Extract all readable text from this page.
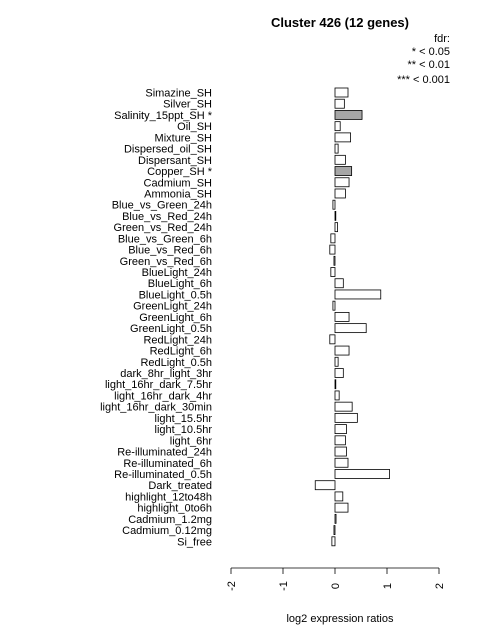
Cluster 426 (12 genes)
fdr:
* < 0.05
** < 0.01
*** < 0.001
Simazine_SH
Silver_SH
Salinity_15ppt_SH *
Oil_SH
Mixture_SH
Dispersed_oil_SH
Dispersant_SH
Copper_SH *
Cadmium_SH
Ammonia_SH
Blue_vs_Green_24h
Blue_vs_Red_24h
Green_vs_Red_24h
Blue_vs_Green_6h
Blue_vs_Red_6h
Green_vs_Red_6h
BlueLight_24h
BlueLight_6h
BlueLight_0.5h
GreenLight_24h
GreenLight_6h
GreenLight_0.5h
RedLight_24h
RedLight_6h
RedLight_0.5h
dark_8hr_light_3hr
light_16hr_dark_7.5hr
light_16hr_dark_4hr
light_16hr_dark_30min
light_15.5hr
light_10.5hr
light_6hr
Re-illuminated_24h
Re-illuminated_6h
Re-illuminated_0.5h
Dark_treated
highlight_12to48h
highlight_0to6h
Cadmium_1.2mg
Cadmium_0.12mg
Si_free
-2	-1	0	1	2
log2 expression ratios
